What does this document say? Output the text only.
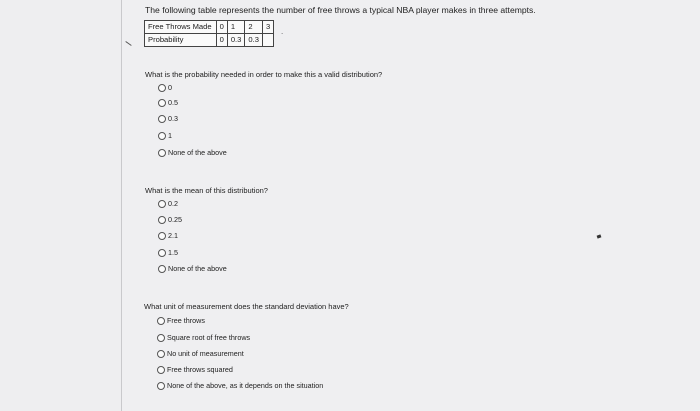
The following table represents the number of free throws a typical NBA player makes in three attempts.
Free Throws Made	0	1	2	3
Probability	0	0.3	0.3	
.
What is the probability needed in order to make this a valid distribution?
0
0.5
0.3
1
None of the above
What is the mean of this distribution?
0.2
0.25
2.1
1.5
None of the above
What unit of measurement does the standard deviation have?
Free throws
Square root of free throws
No unit of measurement
Free throws squared
None of the above, as it depends on the situation
